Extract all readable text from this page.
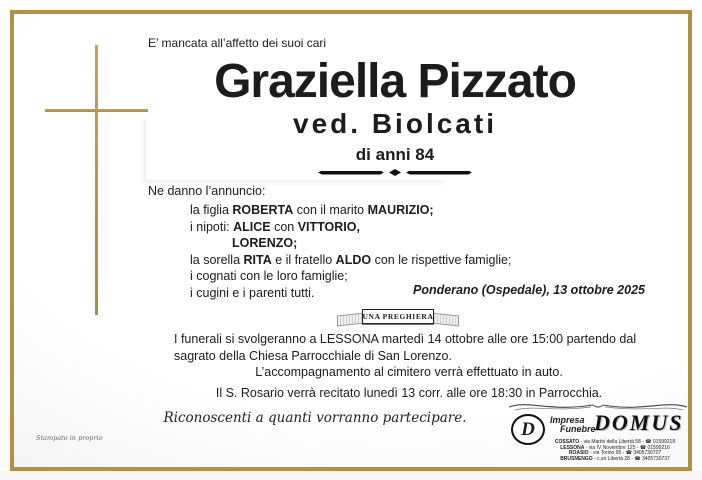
E’ mancata all’affetto dei suoi cari
Graziella Pizzato
ved. Biolcati
di anni 84
Ne danno l’annuncio:
la figlia ROBERTA con il marito MAURIZIO;
i nipoti: ALICE con VITTORIO,
LORENZO;
la sorella RITA e il fratello ALDO con le rispettive famiglie;
i cognati con le loro famiglie;
i cugini e i parenti tutti.	Ponderano (Ospedale), 13 ottobre 2025
UNA PREGHIERA
I funerali si svolgeranno a LESSONA martedì 14 ottobre alle ore 15:00 partendo dal
sagrato della Chiesa Parrocchiale di San Lorenzo.
L’accompagnamento al cimitero verrà effettuato in auto.
Il S. Rosario verrà recitato lunedì 13 corr. alle ore 18:30 in Parrocchia.
Riconoscenti a quanti vorranno partecipare.
Stampato in proprio	D Impresa
Funebre
DOMUS
COSSATO - via Martiri della Libertà 58 - ☎ 01599218
LESSONA - via IV Novembre 125 - ☎ 01599216
ROASIO - via Torino 95 - ☎ 3405730707
BRUSNENGO - c.so Libertà 28 - ☎ 3405730737
